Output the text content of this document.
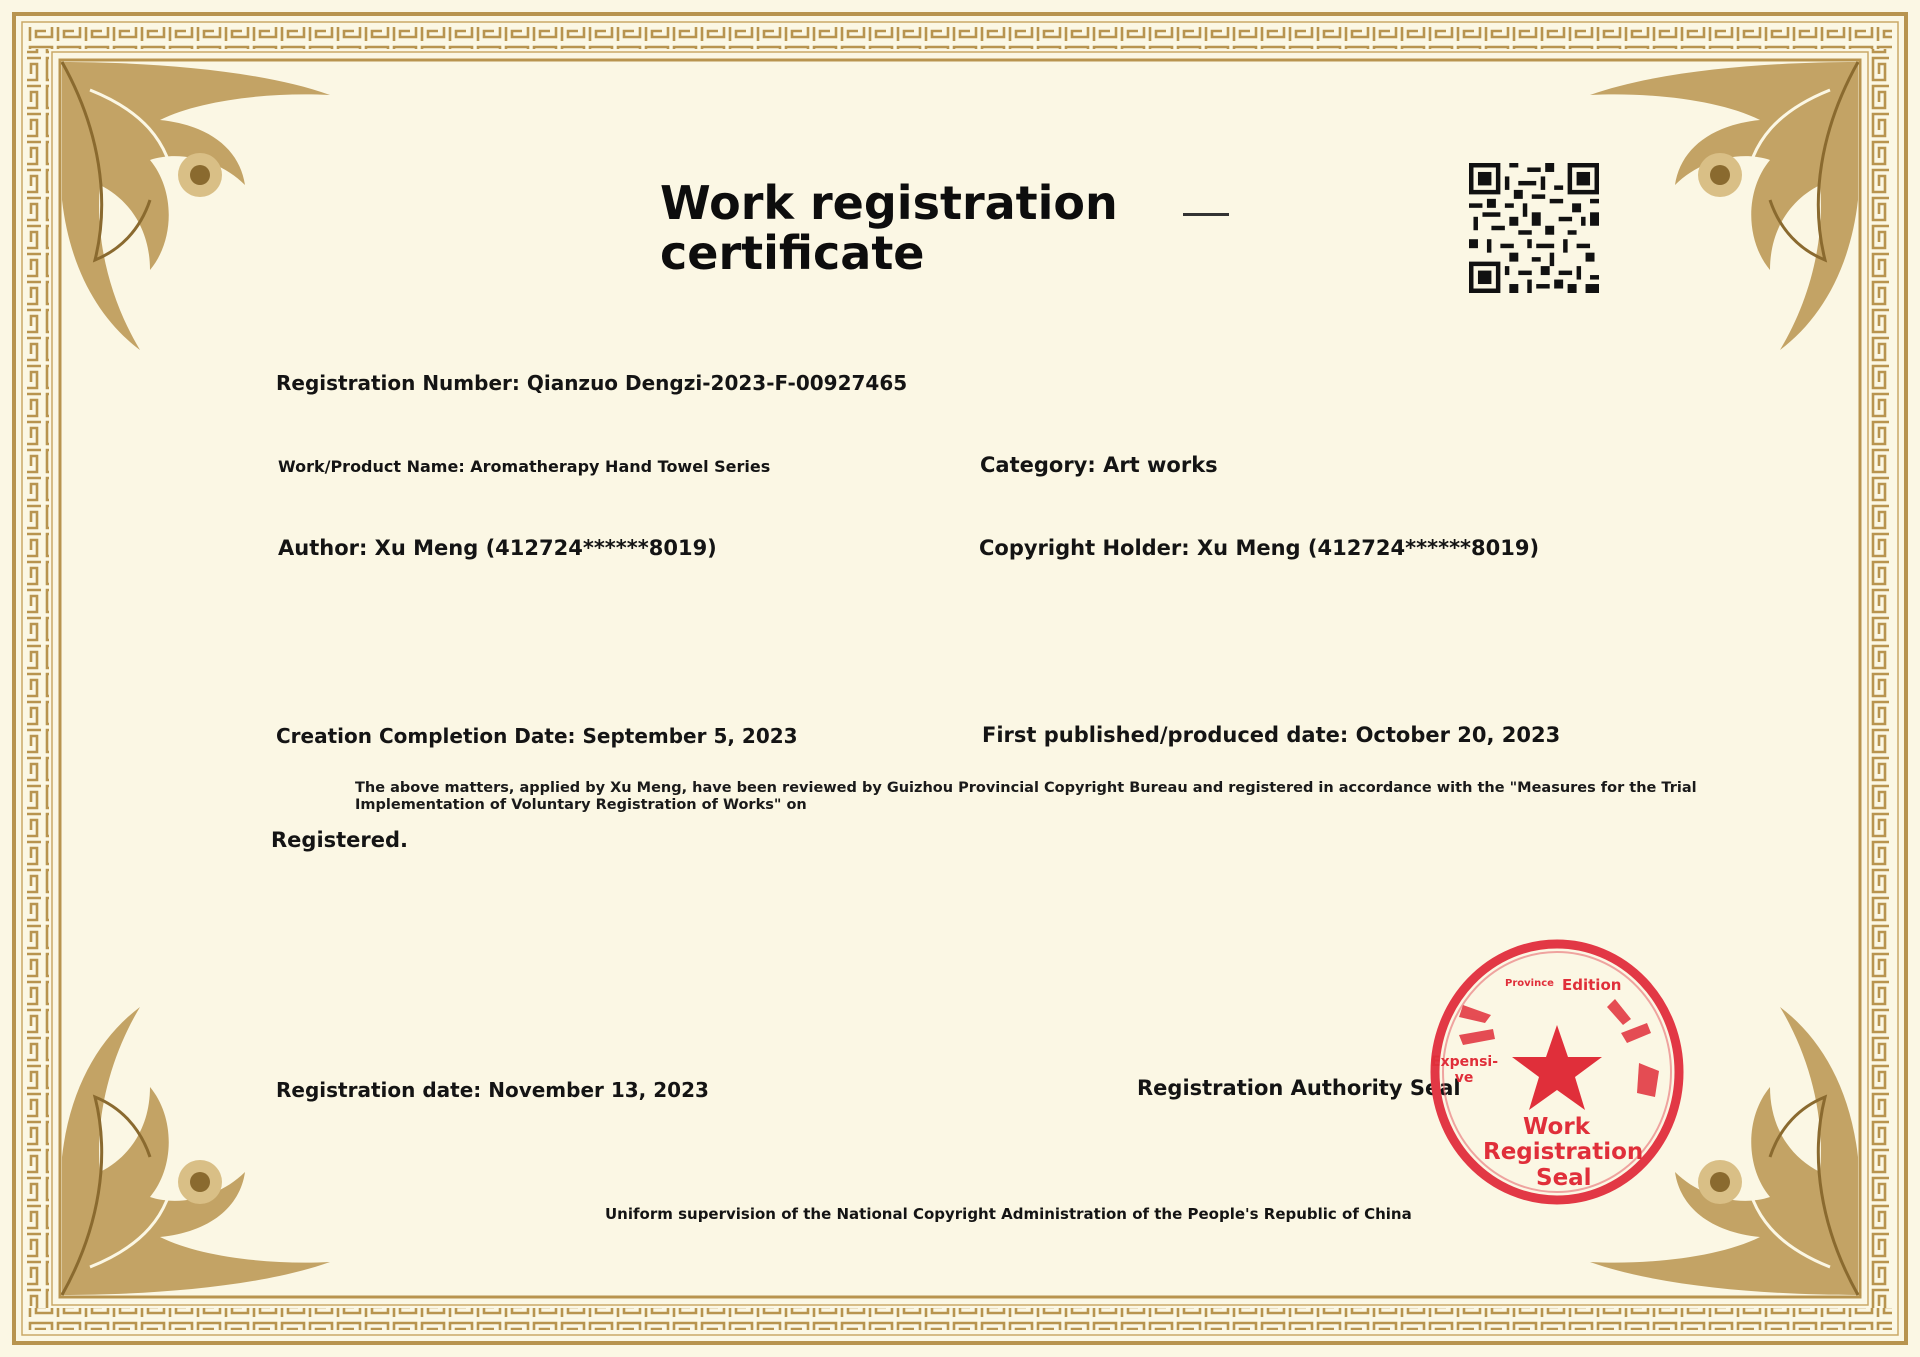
Work registration certificate
Registration Number: Qianzuo Dengzi-2023-F-00927465
Work/Product Name: Aromatherapy Hand Towel Series	Category: Art works
Author: Xu Meng (412724******8019)	Copyright Holder: Xu Meng (412724******8019)
Creation Completion Date: September 5, 2023	First published/produced date: October 20, 2023
The above matters, applied by Xu Meng, have been reviewed by Guizhou Provincial Copyright Bureau and registered in accordance with the "Measures for the Trial Implementation of Voluntary Registration of Works" on
Registered.
Registration date: November 13, 2023	Registration Authority Seal
Uniform supervision of the National Copyright Administration of the People's Republic of China
Province Edition
Expensi-
ve
Work
Registration
Seal
